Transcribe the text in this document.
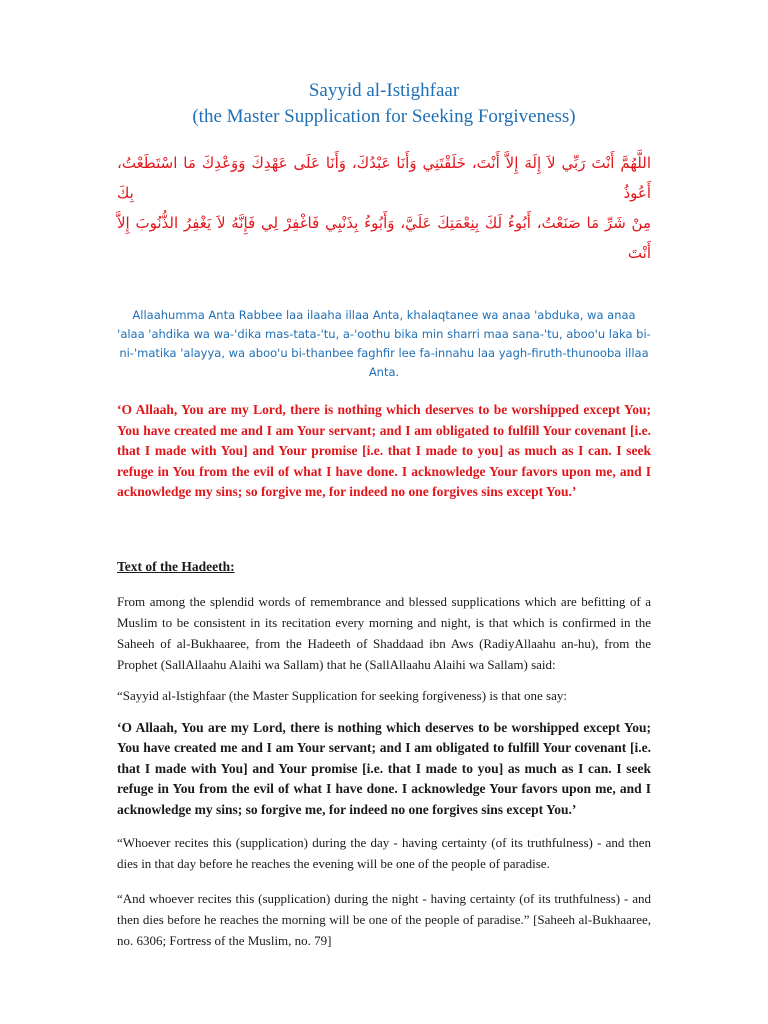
Sayyid al-Istighfaar
(the Master Supplication for Seeking Forgiveness)
اللَّهُمَّ أَنْتَ رَبِّي لاَ إِلَهَ إِلاَّ أَنْتَ، خَلَقْتَنِي وَأَنَا عَبْدُكَ، وَأَنَا عَلَى عَهْدِكَ وَوَعْدِكَ مَا اسْتَطَعْتُ، أَعُوذُ بِكَ
مِنْ شَرِّ مَا صَنَعْتُ، أَبُوءُ لَكَ بِنِعْمَتِكَ عَلَيَّ، وَأَبُوءُ بِذَنْبِي فَاغْفِرْ لِي فَإِنَّهُ لاَ يَغْفِرُ الذُّنُوبَ إِلاَّ أَنْتَ

Allaahumma Anta Rabbee laa ilaaha illaa Anta, khalaqtanee wa anaa 'abduka, wa anaa 'alaa 'ahdika wa wa-'dika mas-tata-'tu, a-'oothu bika min sharri maa sana-'tu, aboo'u laka bi-ni-'matika 'alayya, wa aboo'u bi-thanbee faghfir lee fa-innahu laa yagh-firuth-thunooba illaa Anta.

‘O Allaah, You are my Lord, there is nothing which deserves to be worshipped except You; You have created me and I am Your servant; and I am obligated to fulfill Your covenant [i.e. that I made with You] and Your promise [i.e. that I made to you] as much as I can. I seek refuge in You from the evil of what I have done. I acknowledge Your favors upon me, and I acknowledge my sins; so forgive me, for indeed no one forgives sins except You.’

Text of the Hadeeth:

From among the splendid words of remembrance and blessed supplications which are befitting of a Muslim to be consistent in its recitation every morning and night, is that which is confirmed in the Saheeh of al-Bukhaaree, from the Hadeeth of Shaddaad ibn Aws (RadiyAllaahu an-hu), from the Prophet (SallAllaahu Alaihi wa Sallam) that he (SallAllaahu Alaihi wa Sallam) said:

“Sayyid al-Istighfaar (the Master Supplication for seeking forgiveness) is that one say:

‘O Allaah, You are my Lord, there is nothing which deserves to be worshipped except You; You have created me and I am Your servant; and I am obligated to fulfill Your covenant [i.e. that I made with You] and Your promise [i.e. that I made to you] as much as I can. I seek refuge in You from the evil of what I have done. I acknowledge Your favors upon me, and I acknowledge my sins; so forgive me, for indeed no one forgives sins except You.’

“Whoever recites this (supplication) during the day - having certainty (of its truthfulness) - and then dies in that day before he reaches the evening will be one of the people of paradise.

“And whoever recites this (supplication) during the night - having certainty (of its truthfulness) - and then dies before he reaches the morning will be one of the people of paradise.” [Saheeh al-Bukhaaree, no. 6306; Fortress of the Muslim, no. 79]
